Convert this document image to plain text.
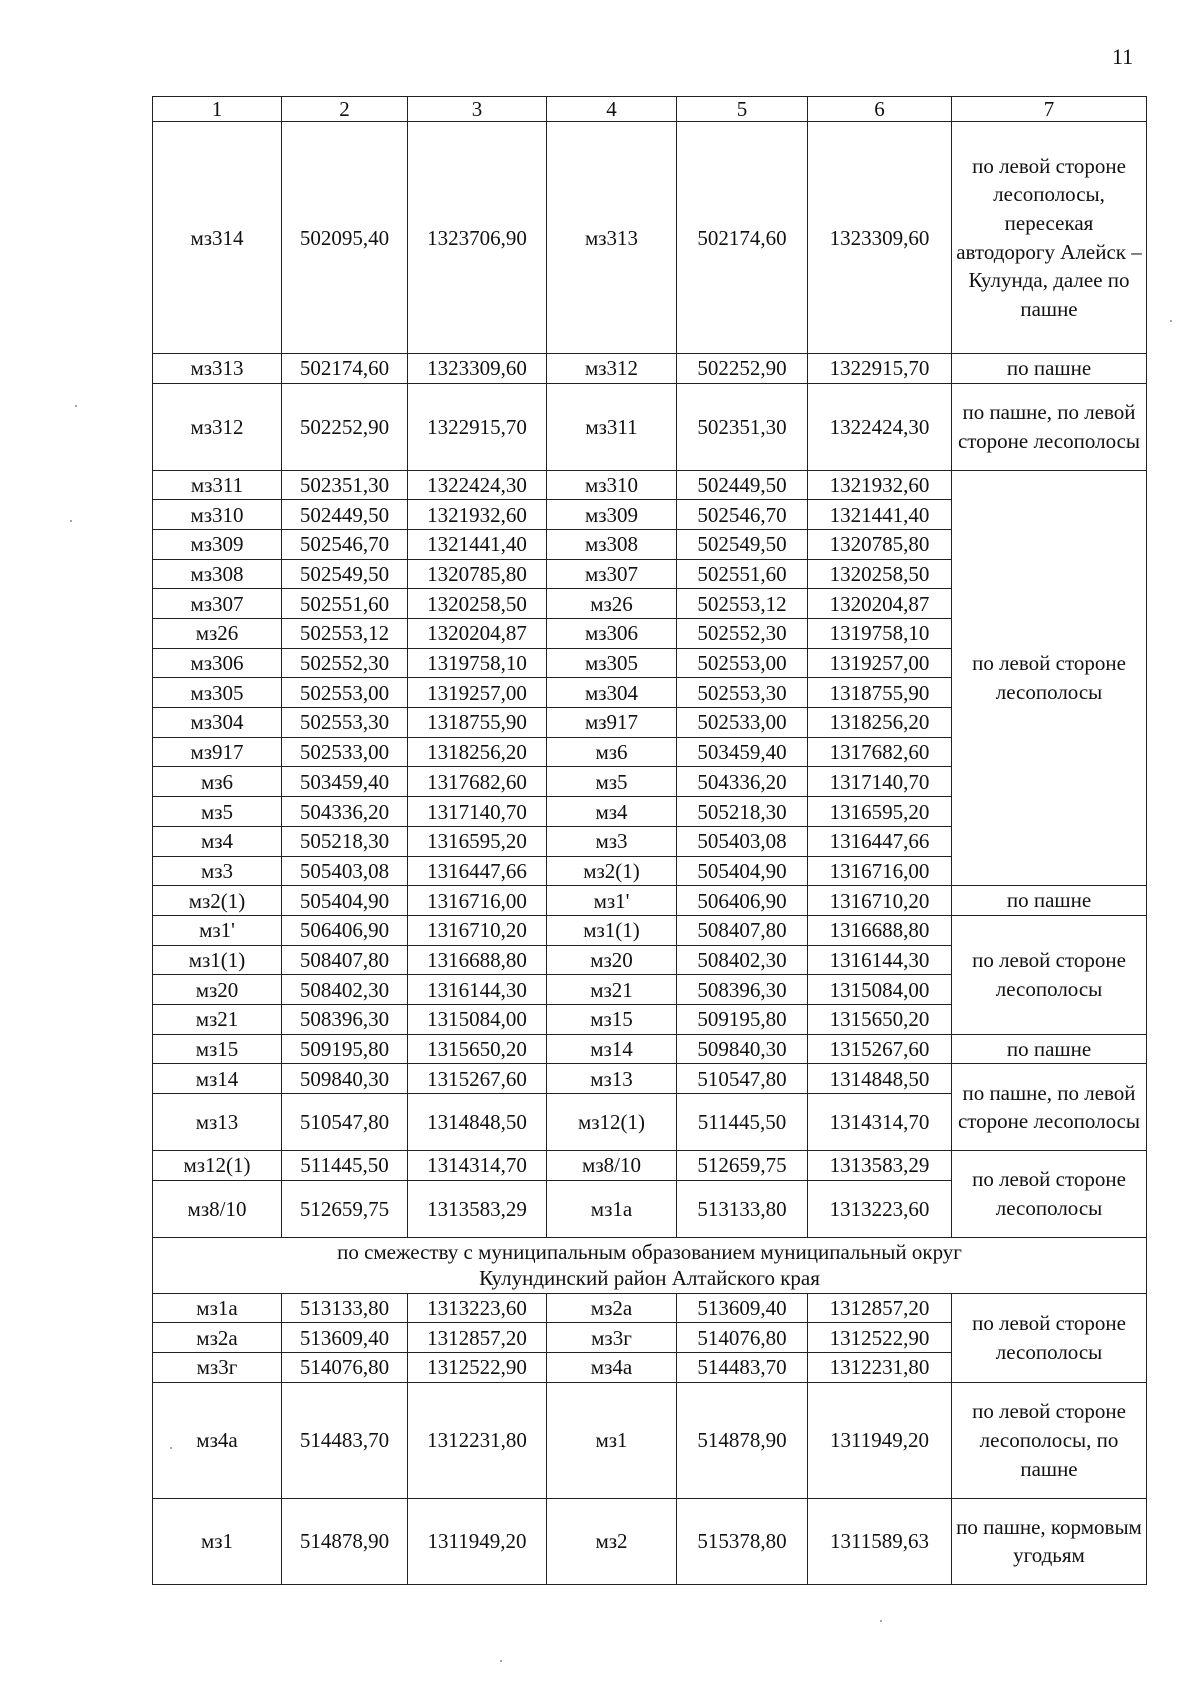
11
1	2	3	4	5	6	7
мз314	502095,40	1323706,90	мз313	502174,60	1323309,60	по левой стороне лесополосы, пересекая автодорогу Алейск – Кулунда, далее по пашне
мз313	502174,60	1323309,60	мз312	502252,90	1322915,70	по пашне
мз312	502252,90	1322915,70	мз311	502351,30	1322424,30	по пашне, по левой стороне лесополосы
мз311	502351,30	1322424,30	мз310	502449,50	1321932,60	по левой стороне лесополосы
мз310	502449,50	1321932,60	мз309	502546,70	1321441,40	
мз309	502546,70	1321441,40	мз308	502549,50	1320785,80	
мз308	502549,50	1320785,80	мз307	502551,60	1320258,50	
мз307	502551,60	1320258,50	мз26	502553,12	1320204,87	
мз26	502553,12	1320204,87	мз306	502552,30	1319758,10	
мз306	502552,30	1319758,10	мз305	502553,00	1319257,00	
мз305	502553,00	1319257,00	мз304	502553,30	1318755,90	
мз304	502553,30	1318755,90	мз917	502533,00	1318256,20	
мз917	502533,00	1318256,20	мз6	503459,40	1317682,60	
мз6	503459,40	1317682,60	мз5	504336,20	1317140,70	
мз5	504336,20	1317140,70	мз4	505218,30	1316595,20	
мз4	505218,30	1316595,20	мз3	505403,08	1316447,66	
мз3	505403,08	1316447,66	мз2(1)	505404,90	1316716,00	
мз2(1)	505404,90	1316716,00	мз1'	506406,90	1316710,20	по пашне
мз1'	506406,90	1316710,20	мз1(1)	508407,80	1316688,80	по левой стороне лесополосы
мз1(1)	508407,80	1316688,80	мз20	508402,30	1316144,30	
мз20	508402,30	1316144,30	мз21	508396,30	1315084,00	
мз21	508396,30	1315084,00	мз15	509195,80	1315650,20	
мз15	509195,80	1315650,20	мз14	509840,30	1315267,60	по пашне
мз14	509840,30	1315267,60	мз13	510547,80	1314848,50	по пашне, по левой стороне лесополосы
мз13	510547,80	1314848,50	мз12(1)	511445,50	1314314,70	
мз12(1)	511445,50	1314314,70	мз8/10	512659,75	1313583,29	по левой стороне лесополосы
мз8/10	512659,75	1313583,29	мз1а	513133,80	1313223,60	
по смежеству с муниципальным образованием муниципальный округ Кулундинский район Алтайского края						
мз1а	513133,80	1313223,60	мз2а	513609,40	1312857,20	по левой стороне лесополосы
мз2а	513609,40	1312857,20	мз3г	514076,80	1312522,90	
мз3г	514076,80	1312522,90	мз4а	514483,70	1312231,80	
мз4а	514483,70	1312231,80	мз1	514878,90	1311949,20	по левой стороне лесополосы, по пашне
мз1	514878,90	1311949,20	мз2	515378,80	1311589,63	по пашне, кормовым угодьям
